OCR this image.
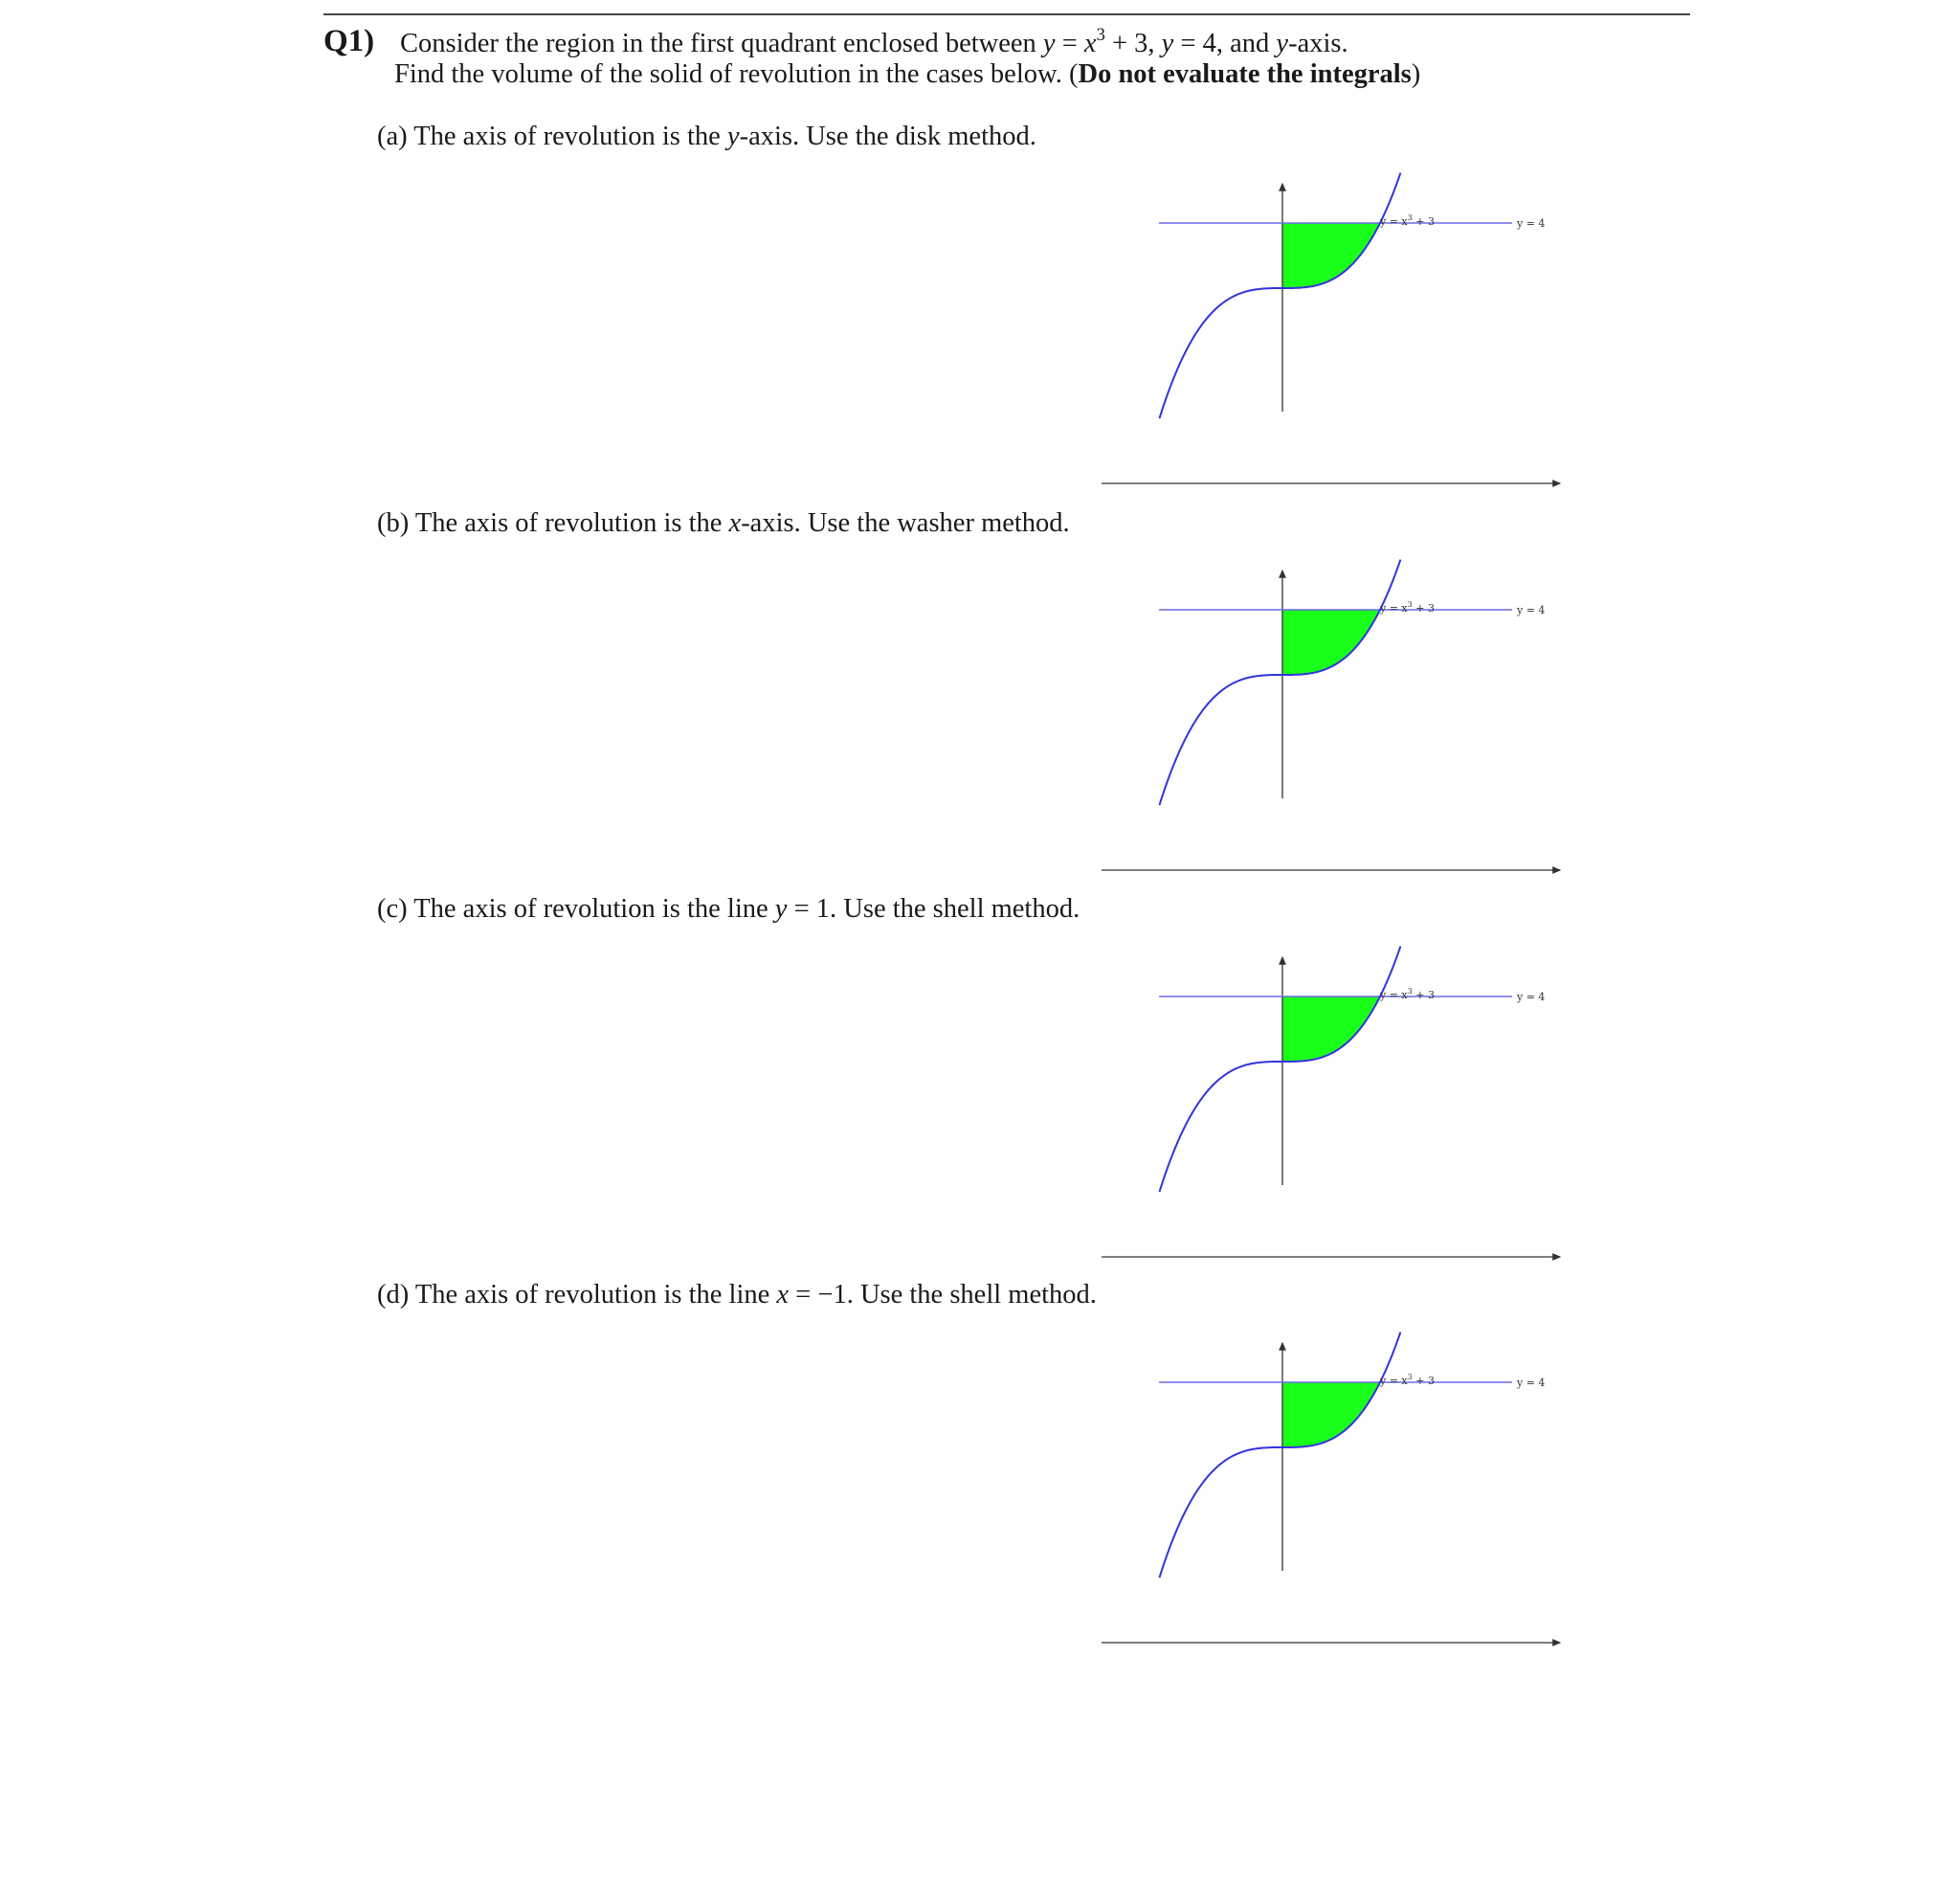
Q1) Consider the region in the first quadrant enclosed between $y = x^3 + 3$, y = 4, and y-axis.
Find the volume of the solid of revolution in the cases below. (Do not evaluate the integrals)
(a) The axis of revolution is the y-axis. Use the disk method.
y = 4
$y = x^3 + 3$
(b) The axis of revolution is the x-axis. Use the washer method.
y = 4
$y = x^3 + 3$
(c) The axis of revolution is the line y = 1. Use the shell method.
y = 4
$y = x^3 + 3$
(d) The axis of revolution is the line x = −1. Use the shell method.
y = 4
$y = x^3 + 3$
